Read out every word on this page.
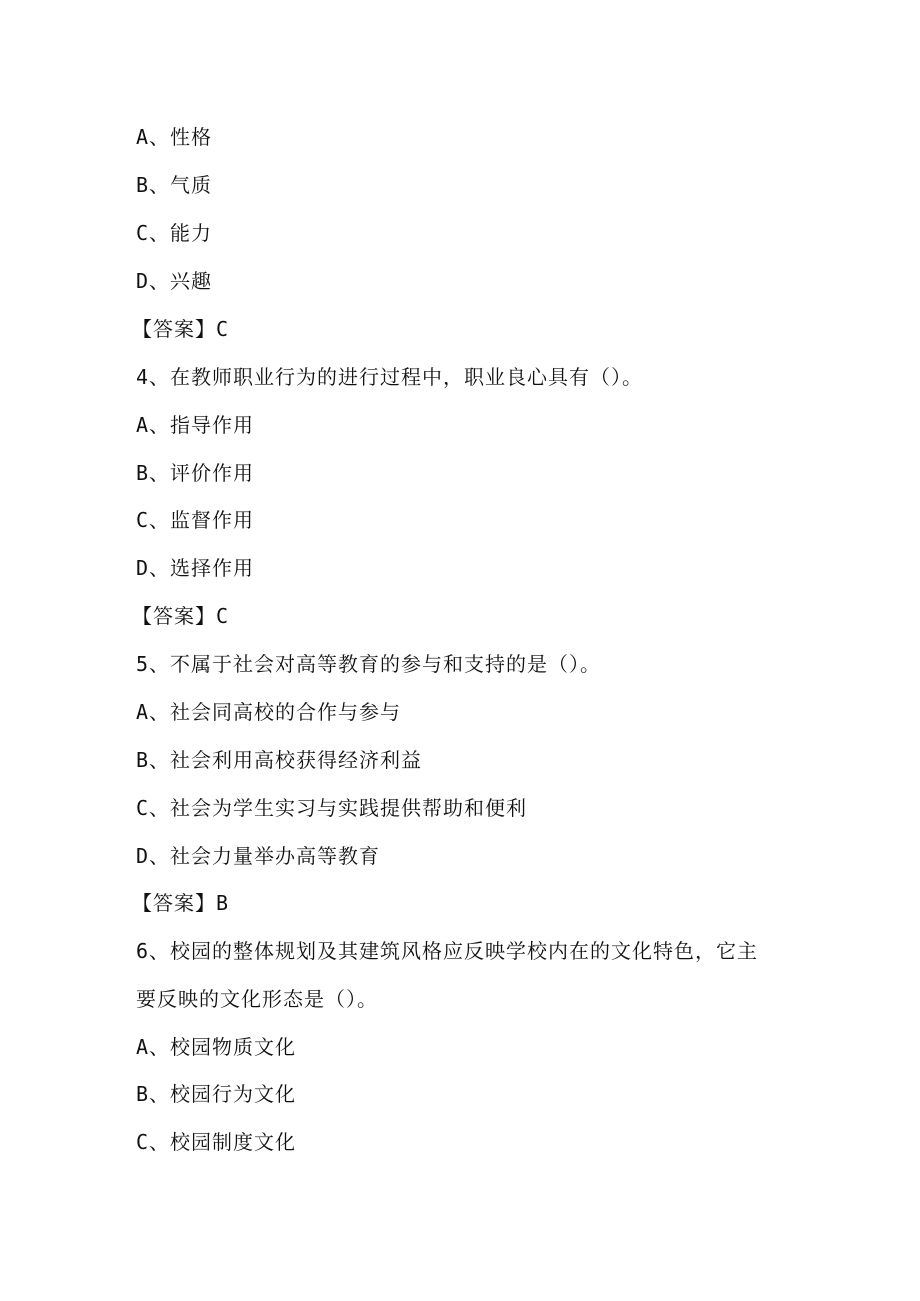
A、性格
B、气质
C、能力
D、兴趣
【答案】C
4、在教师职业行为的进行过程中，职业良心具有（）。
A、指导作用
B、评价作用
C、监督作用
D、选择作用
【答案】C
5、不属于社会对高等教育的参与和支持的是（）。
A、社会同高校的合作与参与
B、社会利用高校获得经济利益
C、社会为学生实习与实践提供帮助和便利
D、社会力量举办高等教育
【答案】B
6、校园的整体规划及其建筑风格应反映学校内在的文化特色，它主
要反映的文化形态是（）。
A、校园物质文化
B、校园行为文化
C、校园制度文化
